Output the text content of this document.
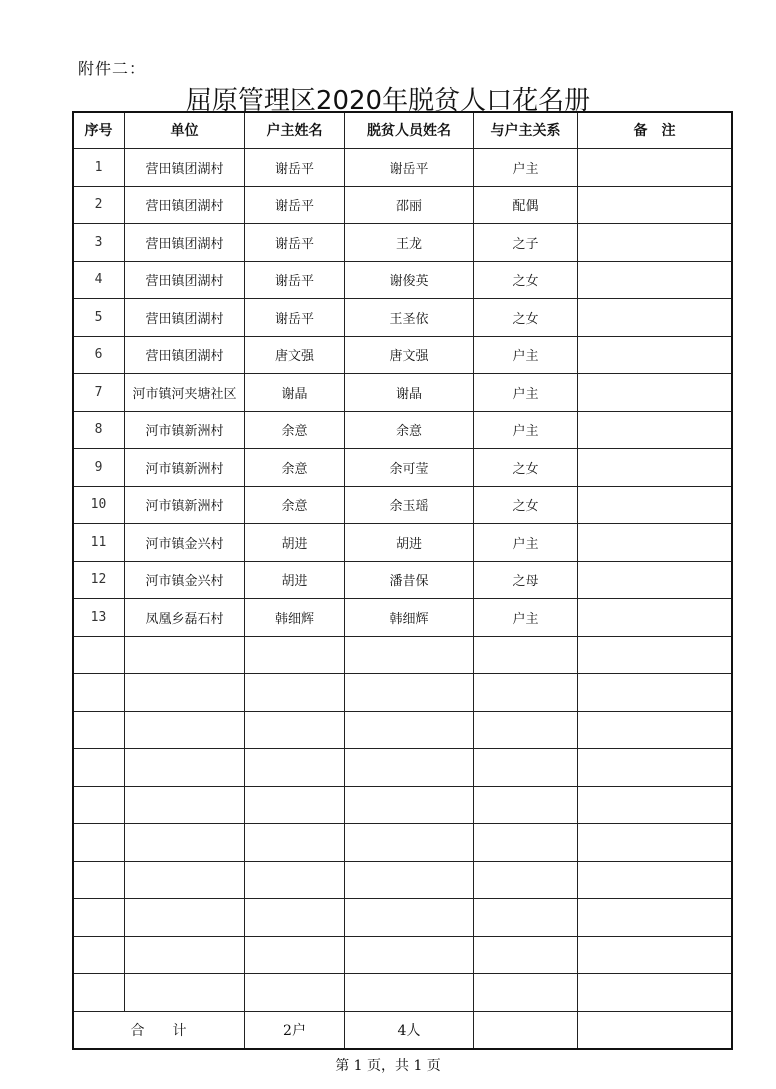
附件二：
屈原管理区2020年脱贫人口花名册
序号	单位	户主姓名	脱贫人员姓名	与户主关系	备　注
1	营田镇团湖村	谢岳平	谢岳平	户主	
2	营田镇团湖村	谢岳平	邵丽	配偶	
3	营田镇团湖村	谢岳平	王龙	之子	
4	营田镇团湖村	谢岳平	谢俊英	之女	
5	营田镇团湖村	谢岳平	王圣依	之女	
6	营田镇团湖村	唐文强	唐文强	户主	
7	河市镇河夹塘社区	谢晶	谢晶	户主	
8	河市镇新洲村	余意	余意	户主	
9	河市镇新洲村	余意	余可莹	之女	
10	河市镇新洲村	余意	余玉瑶	之女	
11	河市镇金兴村	胡进	胡进	户主	
12	河市镇金兴村	胡进	潘昔保	之母	
13	凤凰乡磊石村	韩细辉	韩细辉	户主	

合　　计		2户	4人		
第 1 页，共 1 页
